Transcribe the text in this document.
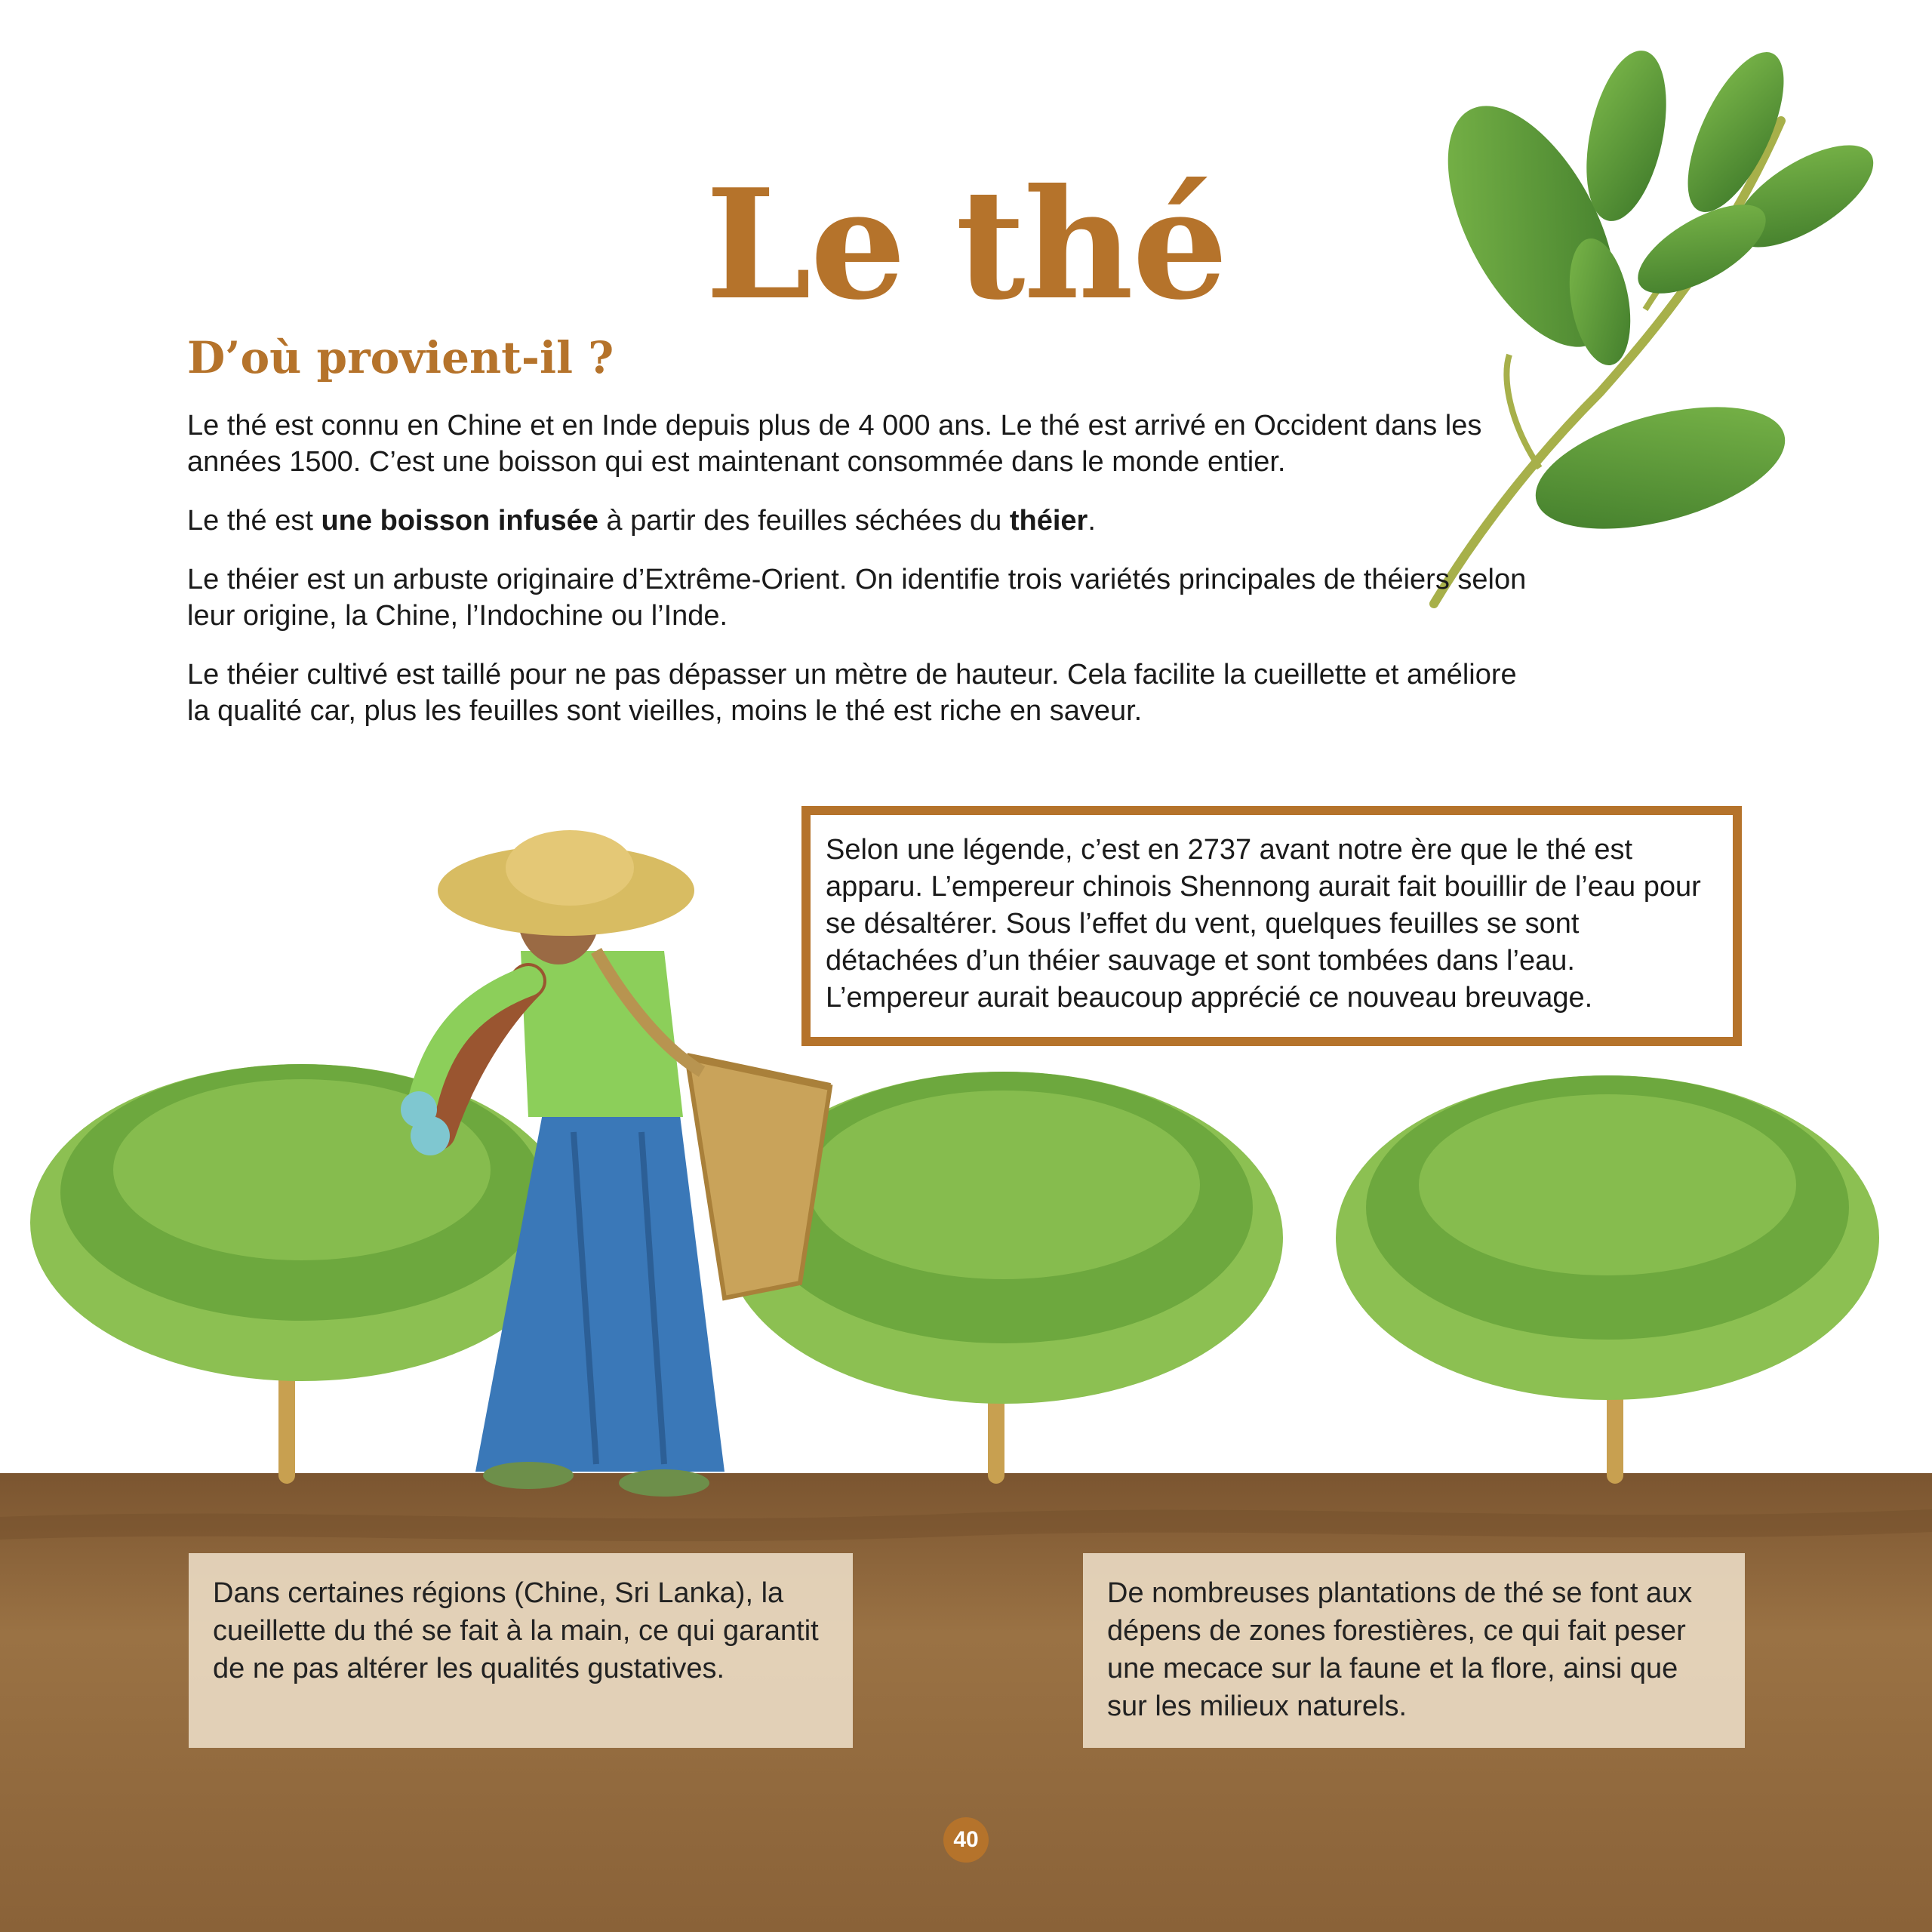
Le thé
D’où provient-il ?

Le thé est connu en Chine et en Inde depuis plus de 4 000 ans. Le thé est arrivé en Occident dans les années 1500. C’est une boisson qui est maintenant consommée dans le monde entier.

Le thé est une boisson infusée à partir des feuilles séchées du théier.

Le théier est un arbuste originaire d’Extrême-Orient. On identifie trois variétés principales de théiers selon leur origine, la Chine, l’Indochine ou l’Inde.

Le théier cultivé est taillé pour ne pas dépasser un mètre de hauteur. Cela facilite la cueillette et améliore la qualité car, plus les feuilles sont vieilles, moins le thé est riche en saveur.

Selon une légende, c’est en 2737 avant notre ère que le thé est apparu. L’empereur chinois Shennong aurait fait bouillir de l’eau pour se désaltérer. Sous l’effet du vent, quelques feuilles se sont détachées d’un théier sauvage et sont tombées dans l’eau. L’empereur aurait beaucoup apprécié ce nouveau breuvage.
Dans certaines régions (Chine, Sri Lanka), la cueillette du thé se fait à la main, ce qui garantit de ne pas altérer les qualités gustatives.
De nombreuses plantations de thé se font aux dépens de zones forestières, ce qui fait peser une mecace sur la faune et la flore, ainsi que sur les milieux naturels.
40
